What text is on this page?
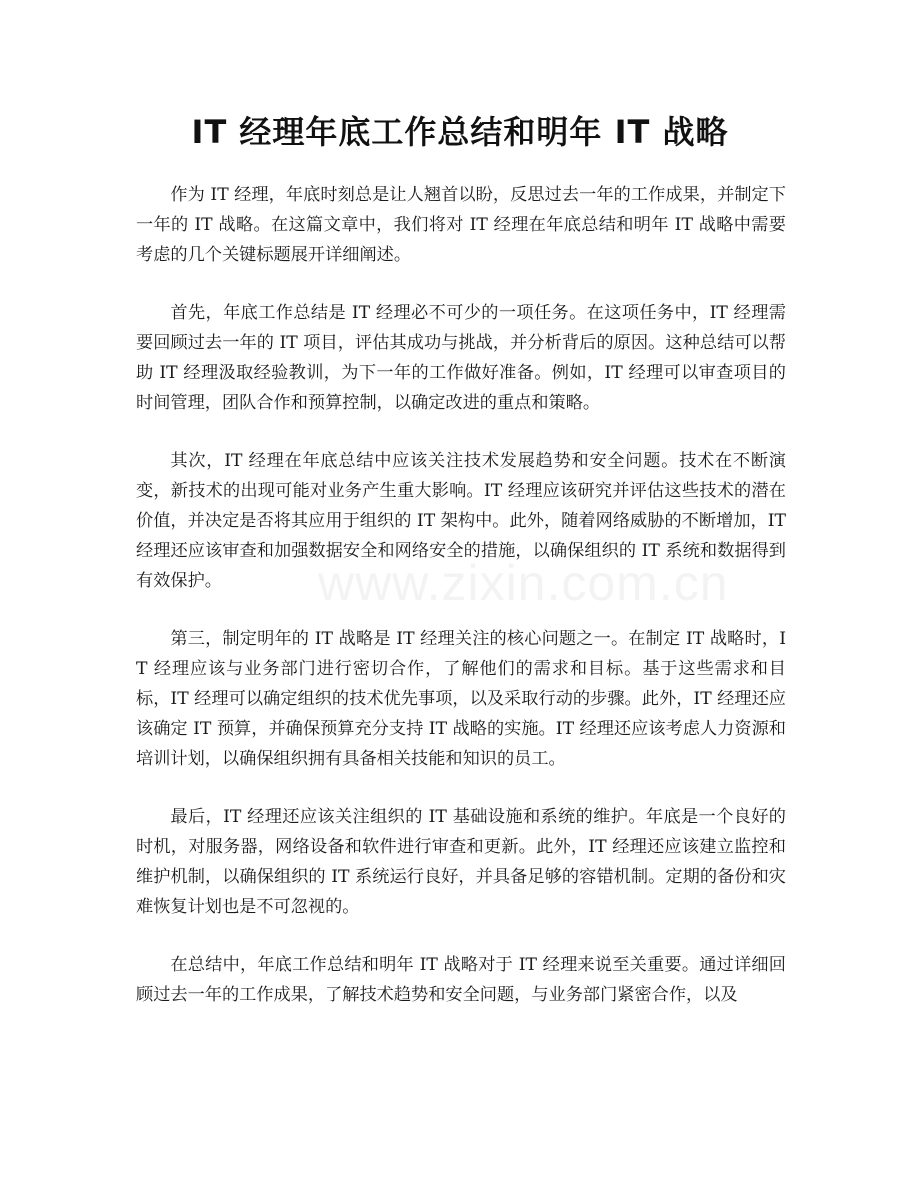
IT 经理年底工作总结和明年 IT 战略

作为 IT 经理，年底时刻总是让人翘首以盼，反思过去一年的工作成果，并制定下一年的 IT 战略。在这篇文章中，我们将对 IT 经理在年底总结和明年 IT 战略中需要考虑的几个关键标题展开详细阐述。

首先，年底工作总结是 IT 经理必不可少的一项任务。在这项任务中，IT 经理需要回顾过去一年的 IT 项目，评估其成功与挑战，并分析背后的原因。这种总结可以帮助 IT 经理汲取经验教训，为下一年的工作做好准备。例如，IT 经理可以审查项目的时间管理，团队合作和预算控制，以确定改进的重点和策略。

其次，IT 经理在年底总结中应该关注技术发展趋势和安全问题。技术在不断演变，新技术的出现可能对业务产生重大影响。IT 经理应该研究并评估这些技术的潜在价值，并决定是否将其应用于组织的 IT 架构中。此外，随着网络威胁的不断增加，IT 经理还应该审查和加强数据安全和网络安全的措施，以确保组织的 IT 系统和数据得到有效保护。

第三，制定明年的 IT 战略是 IT 经理关注的核心问题之一。在制定 IT 战略时，IT 经理应该与业务部门进行密切合作，了解他们的需求和目标。基于这些需求和目标，IT 经理可以确定组织的技术优先事项，以及采取行动的步骤。此外，IT 经理还应该确定 IT 预算，并确保预算充分支持 IT 战略的实施。IT 经理还应该考虑人力资源和培训计划，以确保组织拥有具备相关技能和知识的员工。

最后，IT 经理还应该关注组织的 IT 基础设施和系统的维护。年底是一个良好的时机，对服务器，网络设备和软件进行审查和更新。此外，IT 经理还应该建立监控和维护机制，以确保组织的 IT 系统运行良好，并具备足够的容错机制。定期的备份和灾难恢复计划也是不可忽视的。

在总结中，年底工作总结和明年 IT 战略对于 IT 经理来说至关重要。通过详细回顾过去一年的工作成果，了解技术趋势和安全问题，与业务部门紧密合作，以及

www.zixin.com.cn
